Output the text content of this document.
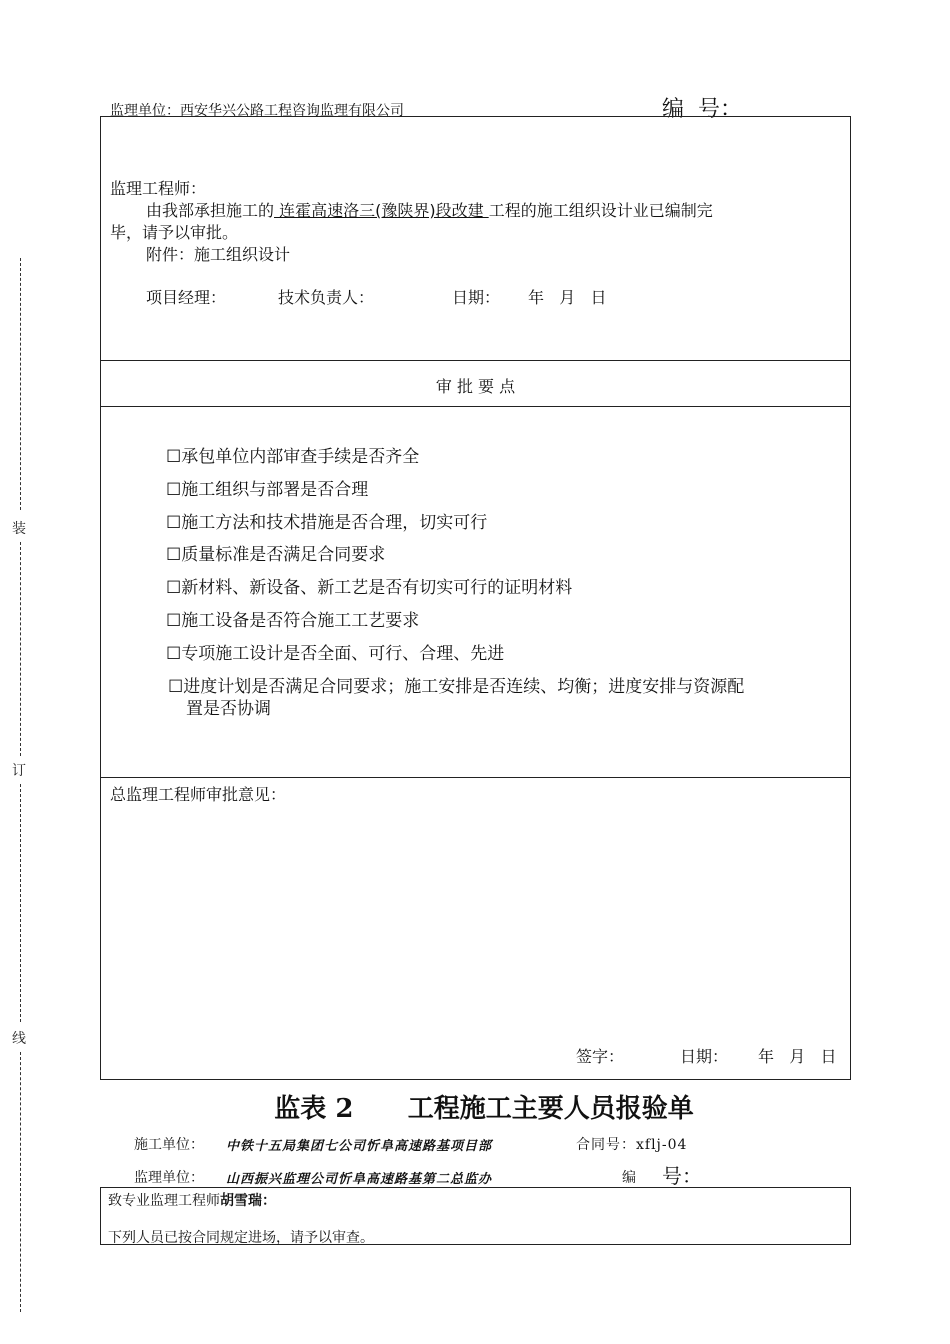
装
订
线
监理单位：西安华兴公路工程咨询监理有限公司	编  号：
监理工程师：
由我部承担施工的 连霍高速洛三(豫陕界)段改建 工程的施工组织设计业已编制完
毕，请予以审批。
附件：施工组织设计
项目经理：	技术负责人：	日期： 年   月   日
审 批 要 点
☐承包单位内部审查手续是否齐全
☐施工组织与部署是否合理
☐施工方法和技术措施是否合理，切实可行
☐质量标准是否满足合同要求
☐新材料、新设备、新工艺是否有切实可行的证明材料
☐施工设备是否符合施工工艺要求
☐专项施工设计是否全面、可行、合理、先进
☐进度计划是否满足合同要求；施工安排是否连续、均衡；进度安排与资源配
置是否协调
总监理工程师审批意见：
签字：	日期： 年   月   日
监表 2      工程施工主要人员报验单
施工单位： 中铁十五局集团七公司忻阜高速路基项目部	合同号：xflj-04
监理单位： 山西振兴监理公司忻阜高速路基第二总监办	编 号：
致专业监理工程师胡雪瑞：
下列人员已按合同规定进场，请予以审查。
